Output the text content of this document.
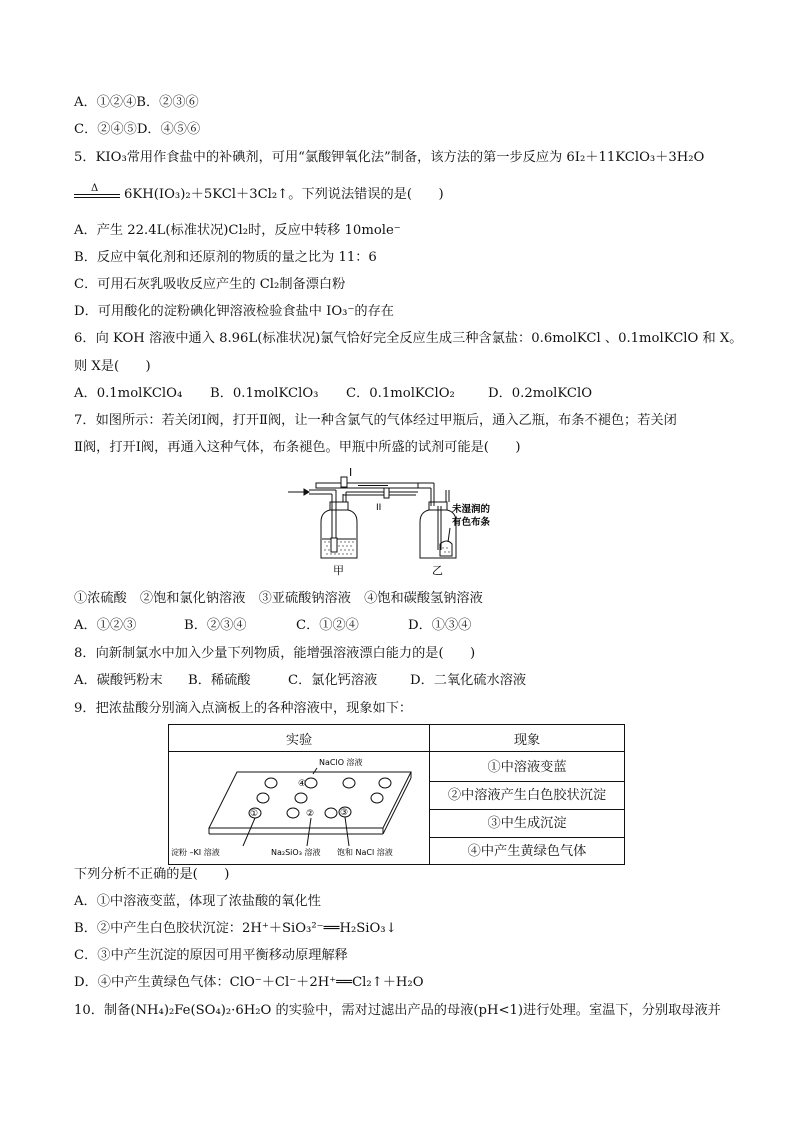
A．①②④B．②③⑥
C．②④⑤D．④⑤⑥
5．KIO₃常用作食盐中的补碘剂，可用“氯酸钾氧化法”制备，该方法的第一步反应为 6I₂＋11KClO₃＋3H₂O
Δ 6KH(IO₃)₂＋5KCl＋3Cl₂↑。下列说法错误的是(　　)
A．产生 22.4L(标准状况)Cl₂时，反应中转移 10mole⁻
B．反应中氧化剂和还原剂的物质的量之比为 11：6
C．可用石灰乳吸收反应产生的 Cl₂制备漂白粉
D．可用酸化的淀粉碘化钾溶液检验食盐中 IO₃⁻的存在
6．向 KOH 溶液中通入 8.96L(标准状况)氯气恰好完全反应生成三种含氯盐：0.6molKCl 、0.1molKClO 和 X。
则 X是(　　)
A．0.1molKClO₄ B．0.1molKClO₃ C．0.1molKClO₂	D．0.2molKClO
7．如图所示：若关闭Ⅰ阀，打开Ⅱ阀，让一种含氯气的气体经过甲瓶后，通入乙瓶，布条不褪色；若关闭
Ⅱ阀，打开Ⅰ阀，再通入这种气体，布条褪色。甲瓶中所盛的试剂可能是(　　)
I
II	未湿润的
有色布条
甲	乙
①浓硫酸　②饱和氯化钠溶液　③亚硫酸钠溶液　④饱和碳酸氢钠溶液
A．①②③	B．②③④	C．①②④	D．①③④
8．向新制氯水中加入少量下列物质，能增强溶液漂白能力的是(　　)
A．碳酸钙粉末 B．稀硫酸	C．氯化钙溶液 D．二氧化硫水溶液
9．把浓盐酸分别滴入点滴板上的各种溶液中，现象如下：
实验	现象
①中溶液变蓝
②中溶液产生白色胶状沉淀
③中生成沉淀
④中产生黄绿色气体
NaClO 溶液
④
①	②	③
淀粉 –KI 溶液	Na₂SiO₃ 溶液 饱和 NaCl 溶液
下列分析不正确的是(　　)
A．①中溶液变蓝，体现了浓盐酸的氧化性
B．②中产生白色胶状沉淀：2H⁺＋SiO₃²⁻══H₂SiO₃↓
C．③中产生沉淀的原因可用平衡移动原理解释
D．④中产生黄绿色气体：ClO⁻＋Cl⁻＋2H⁺══Cl₂↑＋H₂O
10．制备(NH₄)₂Fe(SO₄)₂·6H₂O 的实验中，需对过滤出产品的母液(pH<1)进行处理。室温下，分别取母液并
